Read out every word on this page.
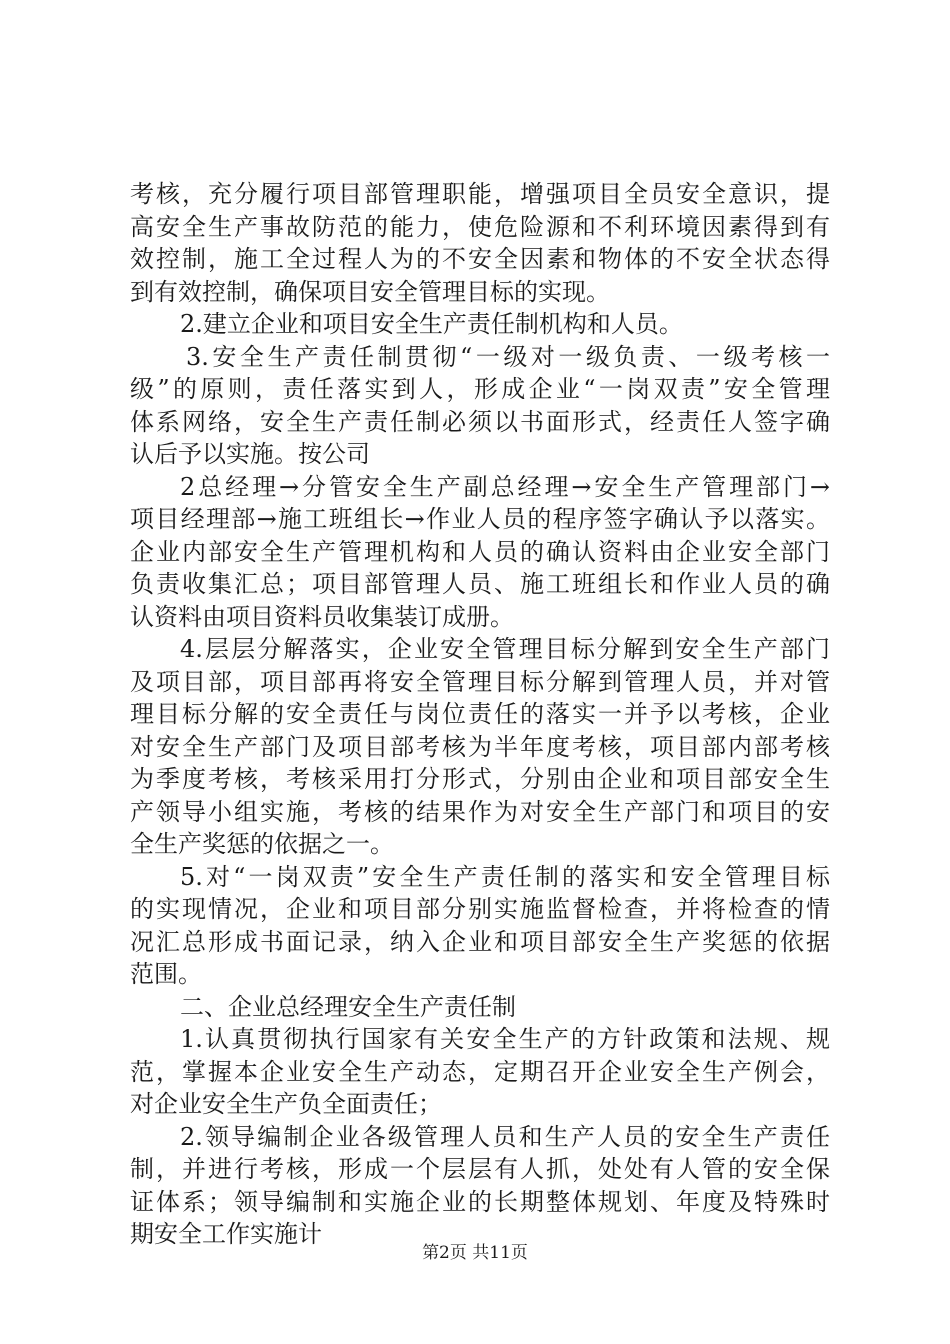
考核，充分履行项目部管理职能，增强项目全员安全意识，提
高安全生产事故防范的能力，使危险源和不利环境因素得到有
效控制，施工全过程人为的不安全因素和物体的不安全状态得
到有效控制，确保项目安全管理目标的实现。
2.建立企业和项目安全生产责任制机构和人员。
3.安全生产责任制贯彻“一级对一级负责、一级考核一
级”的原则，责任落实到人，形成企业“一岗双责”安全管理
体系网络，安全生产责任制必须以书面形式，经责任人签字确
认后予以实施。按公司
2总经理→分管安全生产副总经理→安全生产管理部门→
项目经理部→施工班组长→作业人员的程序签字确认予以落实。
企业内部安全生产管理机构和人员的确认资料由企业安全部门
负责收集汇总；项目部管理人员、施工班组长和作业人员的确
认资料由项目资料员收集装订成册。
4.层层分解落实，企业安全管理目标分解到安全生产部门
及项目部，项目部再将安全管理目标分解到管理人员，并对管
理目标分解的安全责任与岗位责任的落实一并予以考核，企业
对安全生产部门及项目部考核为半年度考核，项目部内部考核
为季度考核，考核采用打分形式，分别由企业和项目部安全生
产领导小组实施，考核的结果作为对安全生产部门和项目的安
全生产奖惩的依据之一。
5.对“一岗双责”安全生产责任制的落实和安全管理目标
的实现情况，企业和项目部分别实施监督检查，并将检查的情
况汇总形成书面记录，纳入企业和项目部安全生产奖惩的依据
范围。
二、企业总经理安全生产责任制
1.认真贯彻执行国家有关安全生产的方针政策和法规、规
范，掌握本企业安全生产动态，定期召开企业安全生产例会，
对企业安全生产负全面责任；
2.领导编制企业各级管理人员和生产人员的安全生产责任
制，并进行考核，形成一个层层有人抓，处处有人管的安全保
证体系；领导编制和实施企业的长期整体规划、年度及特殊时
期安全工作实施计
第2页 共11页
